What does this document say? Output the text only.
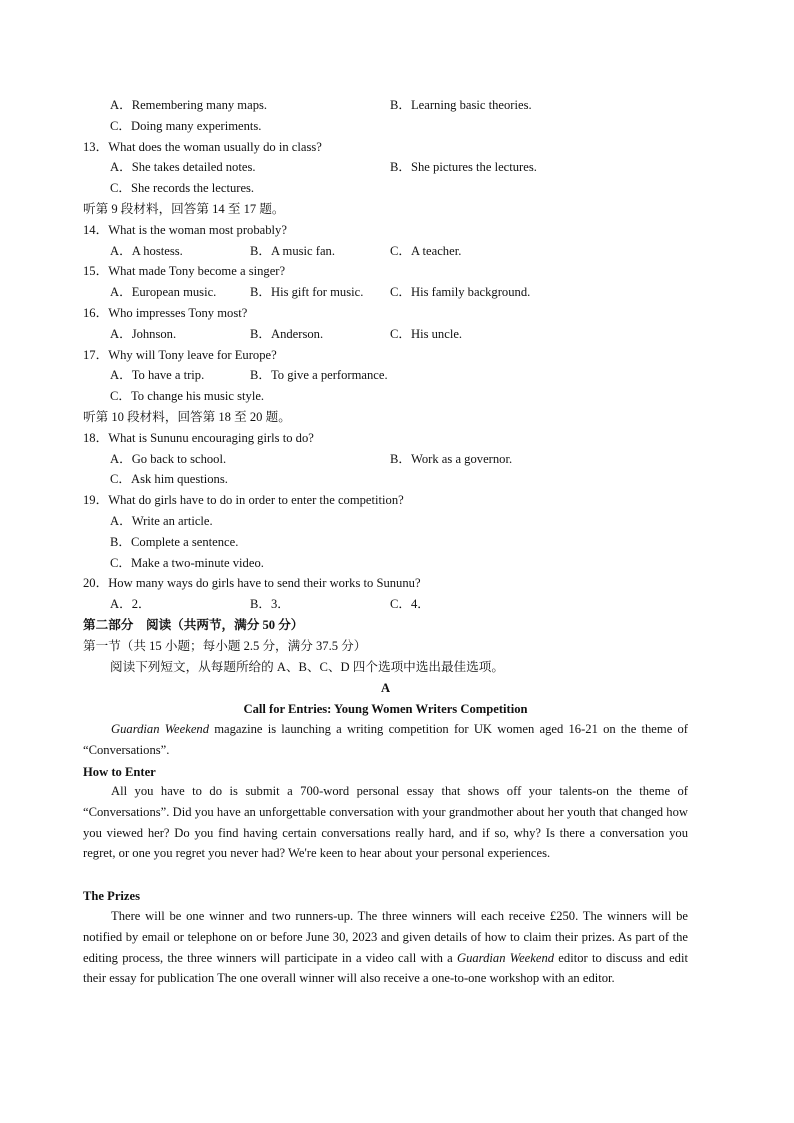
A．Remembering many maps.	B．Learning basic theories.
C．Doing many experiments.
13．What does the woman usually do in class?
A．She takes detailed notes.	B．She pictures the lectures.
C．She records the lectures.
听第 9 段材料，回答第 14 至 17 题。
14．What is the woman most probably?
A．A hostess.	B．A music fan.	C．A teacher.
15．What made Tony become a singer?
A．European music.	B．His gift for music. C．His family background.
16．Who impresses Tony most?
A．Johnson.	B．Anderson.	C．His uncle.
17．Why will Tony leave for Europe?
A．To have a trip.	B．To give a performance.
C．To change his music style.
听第 10 段材料，回答第 18 至 20 题。
18．What is Sununu encouraging girls to do?
A．Go back to school.	B．Work as a governor.
C．Ask him questions.
19．What do girls have to do in order to enter the competition?
A．Write an article.
B．Complete a sentence.
C．Make a two-minute video.
20．How many ways do girls have to send their works to Sununu?
A．2．	B．3．	C．4．
第二部分　阅读（共两节，满分 50 分）
第一节（共 15 小题；每小题 2.5 分，满分 37.5 分）
阅读下列短文，从每题所给的 A、B、C、D 四个选项中选出最佳选项。
A
Call for Entries: Young Women Writers Competition
Guardian Weekend magazine is launching a writing competition for UK women aged 16-21 on the theme of “Conversations”.
How to Enter
All you have to do is submit a 700-word personal essay that shows off your talents-on the theme of “Conversations”. Did you have an unforgettable conversation with your grandmother about her youth that changed how you viewed her? Do you find having certain conversations really hard, and if so, why? Is there a conversation you regret, or one you regret you never had? We're keen to hear about your personal experiences.
The Prizes
There will be one winner and two runners-up. The three winners will each receive £250. The winners will be notified by email or telephone on or before June 30, 2023 and given details of how to claim their prizes. As part of the editing process, the three winners will participate in a video call with a Guardian Weekend editor to discuss and edit their essay for publication The one overall winner will also receive a one-to-one workshop with an editor.
